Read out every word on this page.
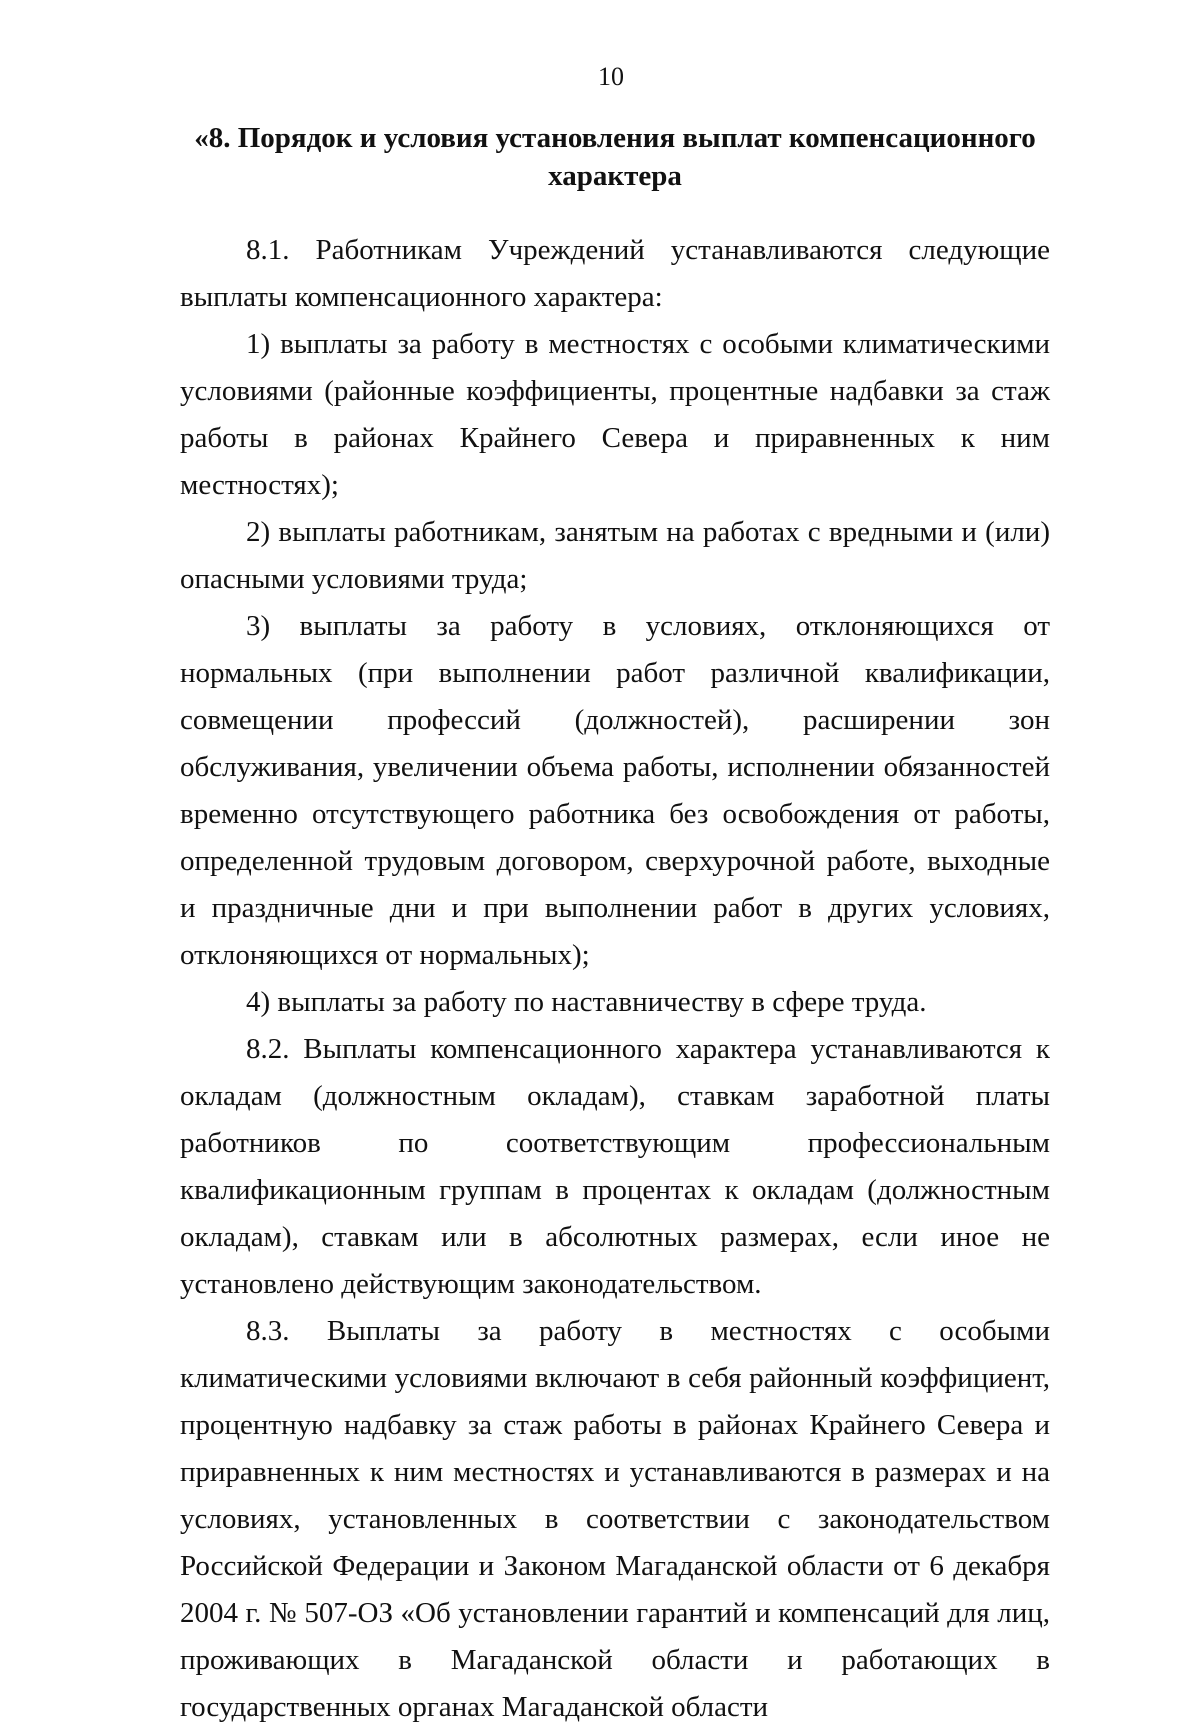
10
«8. Порядок и условия установления выплат компенсационного характера

8.1. Работникам Учреждений устанавливаются следующие выплаты компенсационного характера:

1) выплаты за работу в местностях с особыми климатическими условиями (районные коэффициенты, процентные надбавки за стаж работы в районах Крайнего Севера и приравненных к ним местностях);

2) выплаты работникам, занятым на работах с вредными и (или) опасными условиями труда;

3) выплаты за работу в условиях, отклоняющихся от нормальных (при выполнении работ различной квалификации, совмещении профессий (должностей), расширении зон обслуживания, увеличении объема работы, исполнении обязанностей временно отсутствующего работника без освобождения от работы, определенной трудовым договором, сверхурочной работе, выходные и праздничные дни и при выполнении работ в других условиях, отклоняющихся от нормальных);

4) выплаты за работу по наставничеству в сфере труда.

8.2. Выплаты компенсационного характера устанавливаются к окладам (должностным окладам), ставкам заработной платы работников по соответствующим профессиональным квалификационным группам в процентах к окладам (должностным окладам), ставкам или в абсолютных размерах, если иное не установлено действующим законодательством.

8.3. Выплаты за работу в местностях с особыми климатическими условиями включают в себя районный коэффициент, процентную надбавку за стаж работы в районах Крайнего Севера и приравненных к ним местностях и устанавливаются в размерах и на условиях, установленных в соответствии с законодательством Российской Федерации и Законом Магаданской области от 6 декабря 2004 г. № 507-ОЗ «Об установлении гарантий и компенсаций для лиц, проживающих в Магаданской области и работающих в государственных органах Магаданской области
